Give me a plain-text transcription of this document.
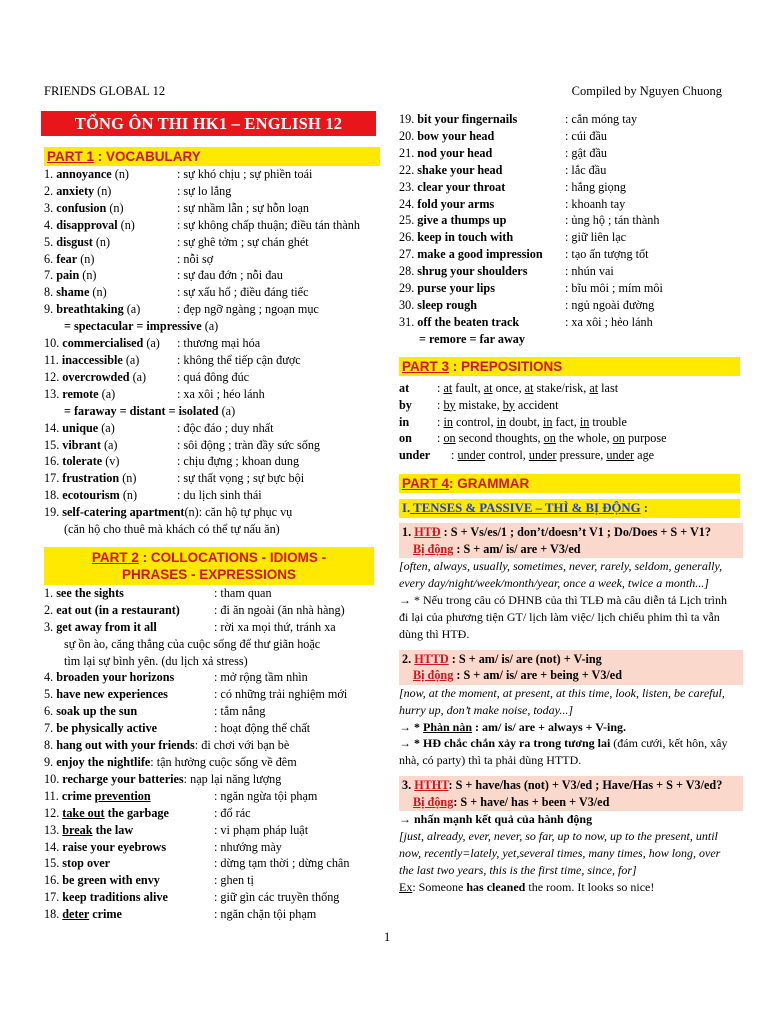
FRIENDS GLOBAL 12	Compiled by Nguyen Chuong
TỔNG ÔN THI HK1 – ENGLISH 12
PART 1 : VOCABULARY
1. annoyance (n)	: sự khó chịu ; sự phiền toái
2. anxiety (n)	: sự lo lắng
3. confusion (n)	: sự nhầm lẫn ; sự hỗn loạn
4. disapproval (n)	: sự không chấp thuận; điều tán thành
5. disgust (n)	: sự ghê tởm ; sự chán ghét
6. fear (n)	: nỗi sợ
7. pain (n)	: sự đau đớn ; nỗi đau
8. shame (n)	: sự xấu hổ ; điều đáng tiếc
9. breathtaking (a)	: đẹp ngỡ ngàng ; ngoạn mục
= spectacular = impressive (a)
10. commercialised (a)	: thương mại hóa
11. inaccessible (a)	: không thể tiếp cận được
12. overcrowded (a)	: quá đông đúc
13. remote (a)	: xa xôi ; héo lánh
= faraway = distant = isolated (a)
14. unique (a)	: độc đáo ; duy nhất
15. vibrant (a)	: sôi động ; tràn đầy sức sống
16. tolerate (v)	: chịu đựng ; khoan dung
17. frustration (n)	: sự thất vọng ; sự bực bội
18. ecotourism (n)	: du lịch sinh thái
19.
self-catering apartment (n) : căn hộ tự phục vụ
(căn hộ cho thuê mà khách có thể tự nấu ăn)
PART 2 : COLLOCATIONS - IDIOMS -
PHRASES - EXPRESSIONS
1. see the sights	: tham quan
2. eat out (in a restaurant)	: đi ăn ngoài (ăn nhà hàng)
3. get away from it all	: rời xa mọi thứ, tránh xa
sự ồn ào, căng thẳng của cuộc sống để thư giãn hoặc
tìm lại sự bình yên. (du lịch xả stress)
4. broaden your horizons	: mở rộng tầm nhìn
5. have new experiences	: có những trải nghiệm mới
6. soak up the sun	: tắm nắng
7. be physically active	: hoạt động thể chất
8.
hang out with your friends : đi chơi với bạn bè
9.
enjoy the nightlife : tận hưởng cuộc sống về đêm
10.
recharge your batteries : nạp lại năng lượng
11. crime prevention	: ngăn ngừa tội phạm
12. take out the garbage	: đổ rác
13. break the law	: vi phạm pháp luật
14. raise your eyebrows	: nhướng mày
15. stop over	: dừng tạm thời ; dừng chân
16. be green with envy	: ghen tị
17. keep traditions alive	: giữ gìn các truyền thống
18. deter crime	: ngăn chặn tội phạm
19. bit your fingernails	: cắn móng tay
20. bow your head	: cúi đầu
21. nod your head	: gật đầu
22. shake your head	: lắc đầu
23. clear your throat	: hắng giọng
24. fold your arms	: khoanh tay
25. give a thumps up	: ủng hộ ; tán thành
26. keep in touch with	: giữ liên lạc
27. make a good impression	: tạo ấn tượng tốt
28. shrug your shoulders	: nhún vai
29. purse your lips	: bĩu môi ; mím môi
30. sleep rough	: ngủ ngoài đường
31. off the beaten track	: xa xôi ; hẻo lánh
= remore = far away
PART 3 : PREPOSITIONS
at	: at fault, at once, at stake/risk, at last
by	: by mistake, by accident
in	: in control, in doubt, in fact, in trouble
on	: on second thoughts, on the whole, on purpose
under	: under control, under pressure, under age
PART 4: GRAMMAR
I. TENSES & PASSIVE – THÌ & BỊ ĐỘNG :
1. HTĐ : S + Vs/es/1 ; don’t/doesn’t V1 ; Do/Does + S + V1?
Bị động : S + am/ is/ are + V3/ed
[often, always, usually, sometimes, never, rarely, seldom, generally, every day/night/week/month/year, once a week, twice a month...]
→ * Nếu trong câu có DHNB của thì TLĐ mà câu diễn tả Lịch trình đi lại của phương tiện GT/ lịch làm việc/ lịch chiếu phim thì ta vẫn dùng thì HTĐ.
2. HTTD : S + am/ is/ are (not) + V-ing
Bị động : S + am/ is/ are + being + V3/ed
[now, at the moment, at present, at this time, look, listen, be careful, hurry up, don’t make noise, today...]
→ * Phàn nàn : am/ is/ are + always + V-ing.
→ * HĐ chắc chắn xảy ra trong tương lai (đám cưới, kết hôn, xây nhà, có party) thì ta phải dùng HTTD.
3. HTHT: S + have/has (not) + V3/ed ; Have/Has + S + V3/ed?
Bị động: S + have/ has + been + V3/ed
→ nhấn mạnh kết quả của hành động
[just, already, ever, never, so far, up to now, up to the present, until now, recently=lately, yet,several times, many times, how long, over the last two years, this is the first time, since, for]
Ex: Someone has cleaned the room. It looks so nice!
1
